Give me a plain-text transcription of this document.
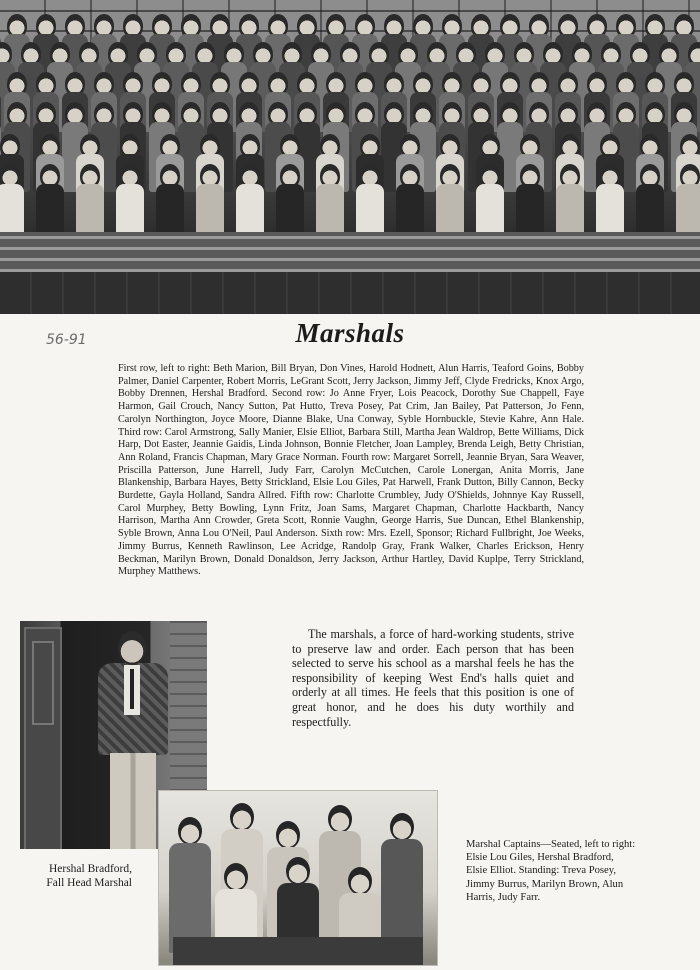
56-91	Marshals
First row, left to right: Beth Marion, Bill Bryan, Don Vines, Harold Hodnett, Alun Harris, Teaford Goins, Bobby Palmer, Daniel Carpenter, Robert Morris, LeGrant Scott, Jerry Jackson, Jimmy Jeff, Clyde Fredricks, Knox Argo, Bobby Drennen, Hershal Bradford. Second row: Jo Anne Fryer, Lois Peacock, Dorothy Sue Chappell, Faye Harmon, Gail Crouch, Nancy Sutton, Pat Hutto, Treva Posey, Pat Crim, Jan Bailey, Pat Patterson, Jo Fenn, Carolyn Northington, Joyce Moore, Dianne Blake, Una Conway, Syble Hornbuckle, Stevie Kahre, Ann Hale. Third row: Carol Armstrong, Sally Manier, Elsie Elliot, Barbara Still, Martha Jean Waldrop, Bette Williams, Dick Harp, Dot Easter, Jeannie Gaidis, Linda Johnson, Bonnie Fletcher, Joan Lampley, Brenda Leigh, Betty Christian, Ann Roland, Francis Chapman, Mary Grace Norman. Fourth row: Margaret Sorrell, Jeannie Bryan, Sara Weaver, Priscilla Patterson, June Harrell, Judy Farr, Carolyn McCutchen, Carole Lonergan, Anita Morris, Jane Blankenship, Barbara Hayes, Betty Strickland, Elsie Lou Giles, Pat Harwell, Frank Dutton, Billy Cannon, Becky Burdette, Gayla Holland, Sandra Allred. Fifth row: Charlotte Crumbley, Judy O'Shields, Johnnye Kay Russell, Carol Murphey, Betty Bowling, Lynn Fritz, Joan Sams, Margaret Chapman, Charlotte Hackbarth, Nancy Harrison, Martha Ann Crowder, Greta Scott, Ronnie Vaughn, George Harris, Sue Duncan, Ethel Blankenship, Syble Brown, Anna Lou O'Neil, Paul Anderson. Sixth row: Mrs. Ezell, Sponsor; Richard Fullbright, Joe Weeks, Jimmy Burrus, Kenneth Rawlinson, Lee Acridge, Randolp Gray, Frank Walker, Charles Erickson, Henry Beckman, Marilyn Brown, Donald Donaldson, Jerry Jackson, Arthur Hartley, David Kuplpe, Terry Strickland, Murphey Matthews.
Hershal Bradford,
Fall Head Marshal
The marshals, a force of hard-working students, strive to preserve law and order. Each person that has been selected to serve his school as a marshal feels he has the responsibility of keeping West End's halls quiet and orderly at all times. He feels that this position is one of great honor, and he does his duty worthily and respectfully.
Marshal Captains—Seated, left to right: Elsie Lou Giles, Hershal Bradford, Elsie Elliot. Standing: Treva Posey, Jimmy Burrus, Marilyn Brown, Alun Harris, Judy Farr.
